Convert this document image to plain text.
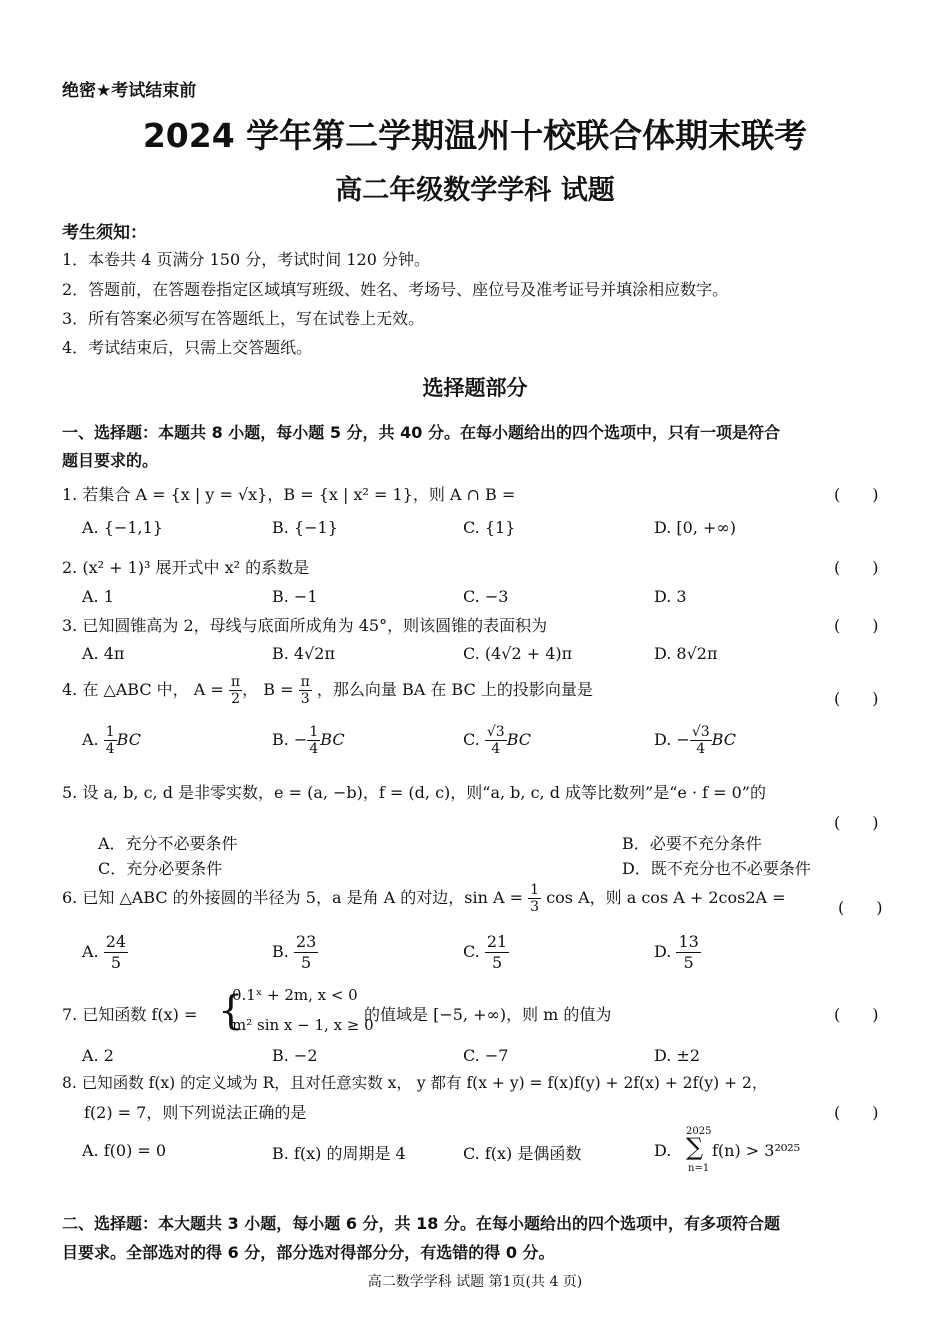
绝密★考试结束前
2024 学年第二学期温州十校联合体期末联考
高二年级数学学科 试题
考生须知：
1．本卷共 4 页满分 150 分，考试时间 120 分钟。
2．答题前，在答题卷指定区域填写班级、姓名、考场号、座位号及准考证号并填涂相应数字。
3．所有答案必须写在答题纸上，写在试卷上无效。
4．考试结束后，只需上交答题纸。
选择题部分
一、选择题：本题共 8 小题，每小题 5 分，共 40 分。在每小题给出的四个选项中，只有一项是符合
题目要求的。
1. 若集合 A = {x | y = √x}，B = {x | x² = 1}，则 A ∩ B =	(　　)
A. {−1,1}	B. {−1}	C. {1}	D. [0, +∞)
2. (x² + 1)³ 展开式中 x² 的系数是	(　　)
A. 1	B. −1	C. −3	D. 3
3. 已知圆锥高为 2，母线与底面所成角为 45°，则该圆锥的表面积为	(　　)
A. 4π	B. 4√2π	C. (4√2 + 4)π	D. 8√2π
4. 在 △ABC 中， $A = \frac{\pi}{2}$ ， $B = \frac{\pi}{3}$ ，那么向量 BA 在 BC 上的投影向量是	(　　)
A. $\frac{1}{4}$ BC	B. − $\frac{1}{4}$ BC	C. $\frac{√3}{4}$ BC	D. − $\frac{√3}{4}$ BC
5. 设 a, b, c, d 是非零实数，e = (a, −b)，f = (d, c)，则“a, b, c, d 成等比数列”是“e · f = 0”的
(　　)
A．充分不必要条件	B．必要不充分条件
C．充分必要条件	D．既不充分也不必要条件
6. 已知 △ABC 的外接圆的半径为 5，a 是角 A 的对边，$\sin A = \frac{1}{3}$ cos A，则 a cos A + 2cos2A =
(　　)
A. $\frac{24}{5}$	B. $\frac{23}{5}$	C. $\frac{21}{5}$	D. $\frac{13}{5}$
7. 已知函数 f(x) = {
0.1ˣ + 2m, x < 0
m² sin x − 1, x ≥ 0
的值域是 [−5, +∞)，则 m 的值为	(　　)
A. 2	B. −2	C. −7	D. ±2
8. 已知函数 f(x) 的定义域为 R，且对任意实数 x， y 都有 f(x + y) = f(x)f(y) + 2f(x) + 2f(y) + 2，
f(2) = 7，则下列说法正确的是	(　　)
A. f(0) = 0	B. f(x) 的周期是 4	C. f(x) 是偶函数	D.
2025
∑
n=1
f(n) > 3²⁰²⁵
二、选择题：本大题共 3 小题，每小题 6 分，共 18 分。在每小题给出的四个选项中，有多项符合题
目要求。全部选对的得 6 分，部分选对得部分分，有选错的得 0 分。
高二数学学科 试题 第1页(共 4 页)
